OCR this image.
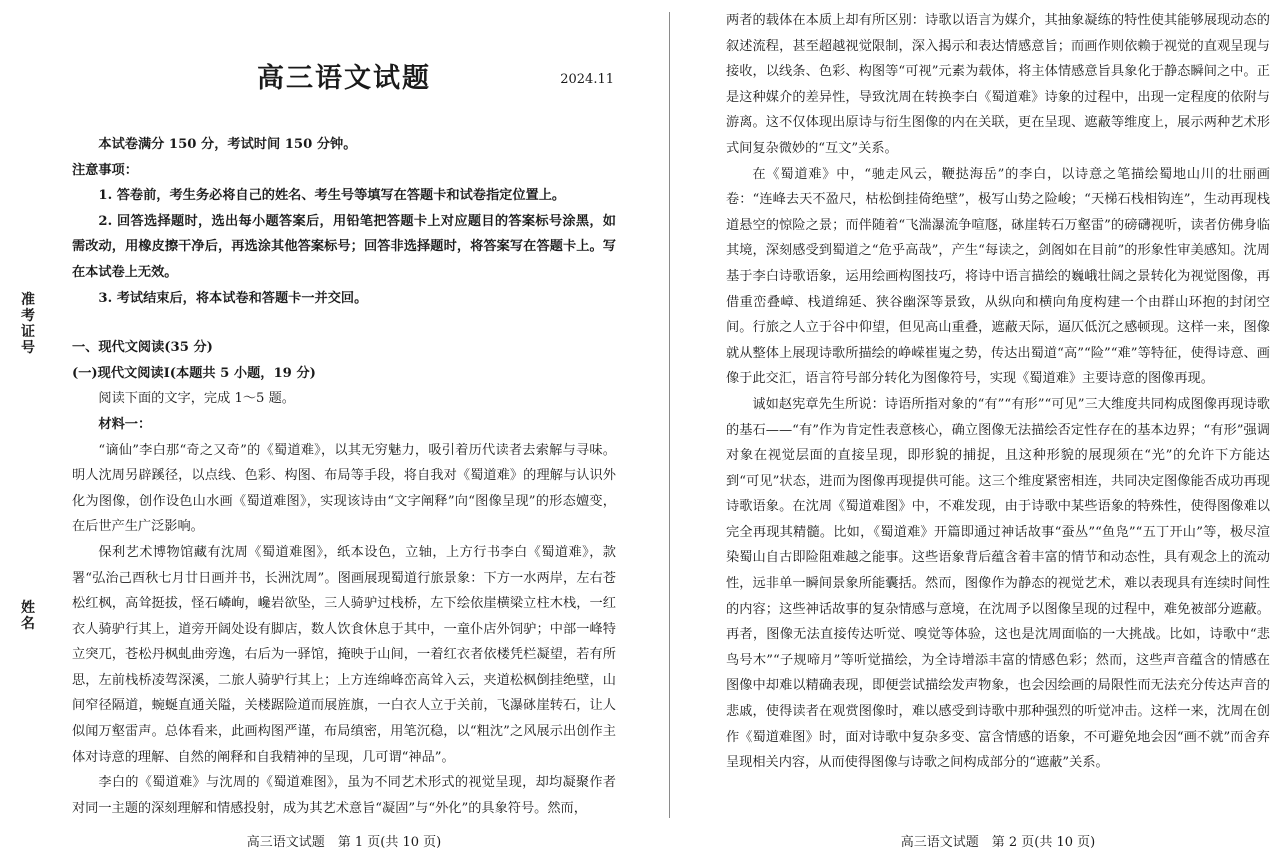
准
考
证
号
姓
名
高三语文试题	2024.11
本试卷满分 150 分，考试时间 150 分钟。
注意事项：
1. 答卷前，考生务必将自己的姓名、考生号等填写在答题卡和试卷指定位置上。
2. 回答选择题时，选出每小题答案后，用铅笔把答题卡上对应题目的答案标号涂黑，如需改动，用橡皮擦干净后，再选涂其他答案标号；回答非选择题时，将答案写在答题卡上。写在本试卷上无效。
3. 考试结束后，将本试卷和答题卡一并交回。
一、现代文阅读(35 分)
(一)现代文阅读Ⅰ(本题共 5 小题，19 分)
阅读下面的文字，完成 1～5 题。
材料一：
“谪仙”李白那“奇之又奇”的《蜀道难》，以其无穷魅力，吸引着历代读者去索解与寻味。明人沈周另辟蹊径，以点线、色彩、构图、布局等手段，将自我对《蜀道难》的理解与认识外化为图像，创作设色山水画《蜀道难图》，实现该诗由“文字阐释”向“图像呈现”的形态嬗变，在后世产生广泛影响。
保利艺术博物馆藏有沈周《蜀道难图》，纸本设色，立轴，上方行书李白《蜀道难》，款署“弘治己酉秋七月廿日画并书，长洲沈周”。图画展现蜀道行旅景象：下方一水两岸，左右苍松红枫，高耸挺拔，怪石嶙峋，巉岩欲坠，三人骑驴过栈桥，左下绘依崖横梁立柱木栈，一红衣人骑驴行其上，道旁开阔处设有脚店，数人饮食休息于其中，一童仆店外饲驴；中部一峰特立突兀，苍松丹枫虬曲旁逸，右后为一驿馆，掩映于山间，一着红衣者依楼凭栏凝望，若有所思，左前栈桥凌驾深溪，二旅人骑驴行其上；上方连绵峰峦高耸入云，夹道松枫倒挂绝壁，山间窄径隔道，蜿蜒直通关隘，关楼踞险道而展旌旗，一白衣人立于关前，飞瀑砯崖转石，让人似闻万壑雷声。总体看来，此画构图严谨，布局缜密，用笔沉稳，以“粗沈”之风展示出创作主体对诗意的理解、自然的阐释和自我精神的呈现，几可谓“神品”。
李白的《蜀道难》与沈周的《蜀道难图》，虽为不同艺术形式的视觉呈现，却均凝聚作者对同一主题的深刻理解和情感投射，成为其艺术意旨“凝固”与“外化”的具象符号。然而，
高三语文试题　第 1 页(共 10 页)
两者的载体在本质上却有所区别：诗歌以语言为媒介，其抽象凝练的特性使其能够展现动态的叙述流程，甚至超越视觉限制，深入揭示和表达情感意旨；而画作则依赖于视觉的直观呈现与接收，以线条、色彩、构图等“可视”元素为载体，将主体情感意旨具象化于静态瞬间之中。正是这种媒介的差异性，导致沈周在转换李白《蜀道难》诗象的过程中，出现一定程度的依附与游离。这不仅体现出原诗与衍生图像的内在关联，更在呈现、遮蔽等维度上，展示两种艺术形式间复杂微妙的“互文”关系。
在《蜀道难》中，“驰走风云，鞭挞海岳”的李白，以诗意之笔描绘蜀地山川的壮丽画卷：“连峰去天不盈尺，枯松倒挂倚绝壁”，极写山势之险峻；“天梯石栈相钩连”，生动再现栈道悬空的惊险之景；而伴随着“飞湍瀑流争喧豗，砯崖转石万壑雷”的磅礴视听，读者仿佛身临其境，深刻感受到蜀道之“危乎高哉”，产生“每读之，剑阁如在目前”的形象性审美感知。沈周基于李白诗歌语象，运用绘画构图技巧，将诗中语言描绘的巍峨壮阔之景转化为视觉图像，再借重峦叠嶂、栈道绵延、狭谷幽深等景致，从纵向和横向角度构建一个由群山环抱的封闭空间。行旅之人立于谷中仰望，但见高山重叠，遮蔽天际，逼仄低沉之感顿现。这样一来，图像就从整体上展现诗歌所描绘的峥嵘崔嵬之势，传达出蜀道“高”“险”“难”等特征，使得诗意、画像于此交汇，语言符号部分转化为图像符号，实现《蜀道难》主要诗意的图像再现。
诚如赵宪章先生所说：诗语所指对象的“有”“有形”“可见”三大维度共同构成图像再现诗歌的基石——“有”作为肯定性表意核心，确立图像无法描绘否定性存在的基本边界；“有形”强调对象在视觉层面的直接呈现，即形貌的捕捉，且这种形貌的展现须在“光”的允许下方能达到“可见”状态，进而为图像再现提供可能。这三个维度紧密相连，共同决定图像能否成功再现诗歌语象。在沈周《蜀道难图》中，不难发现，由于诗歌中某些语象的特殊性，使得图像难以完全再现其精髓。比如，《蜀道难》开篇即通过神话故事“蚕丛”“鱼凫”“五丁开山”等，极尽渲染蜀山自古即险阻难越之能事。这些语象背后蕴含着丰富的情节和动态性，具有观念上的流动性，远非单一瞬间景象所能囊括。然而，图像作为静态的视觉艺术，难以表现具有连续时间性的内容；这些神话故事的复杂情感与意境，在沈周予以图像呈现的过程中，难免被部分遮蔽。再者，图像无法直接传达听觉、嗅觉等体验，这也是沈周面临的一大挑战。比如，诗歌中“悲鸟号木”“子规啼月”等听觉描绘，为全诗增添丰富的情感色彩；然而，这些声音蕴含的情感在图像中却难以精确表现，即便尝试描绘发声物象，也会因绘画的局限性而无法充分传达声音的悲戚，使得读者在观赏图像时，难以感受到诗歌中那种强烈的听觉冲击。这样一来，沈周在创作《蜀道难图》时，面对诗歌中复杂多变、富含情感的语象，不可避免地会因“画不就”而舍弃呈现相关内容，从而使得图像与诗歌之间构成部分的“遮蔽”关系。
高三语文试题　第 2 页(共 10 页)
